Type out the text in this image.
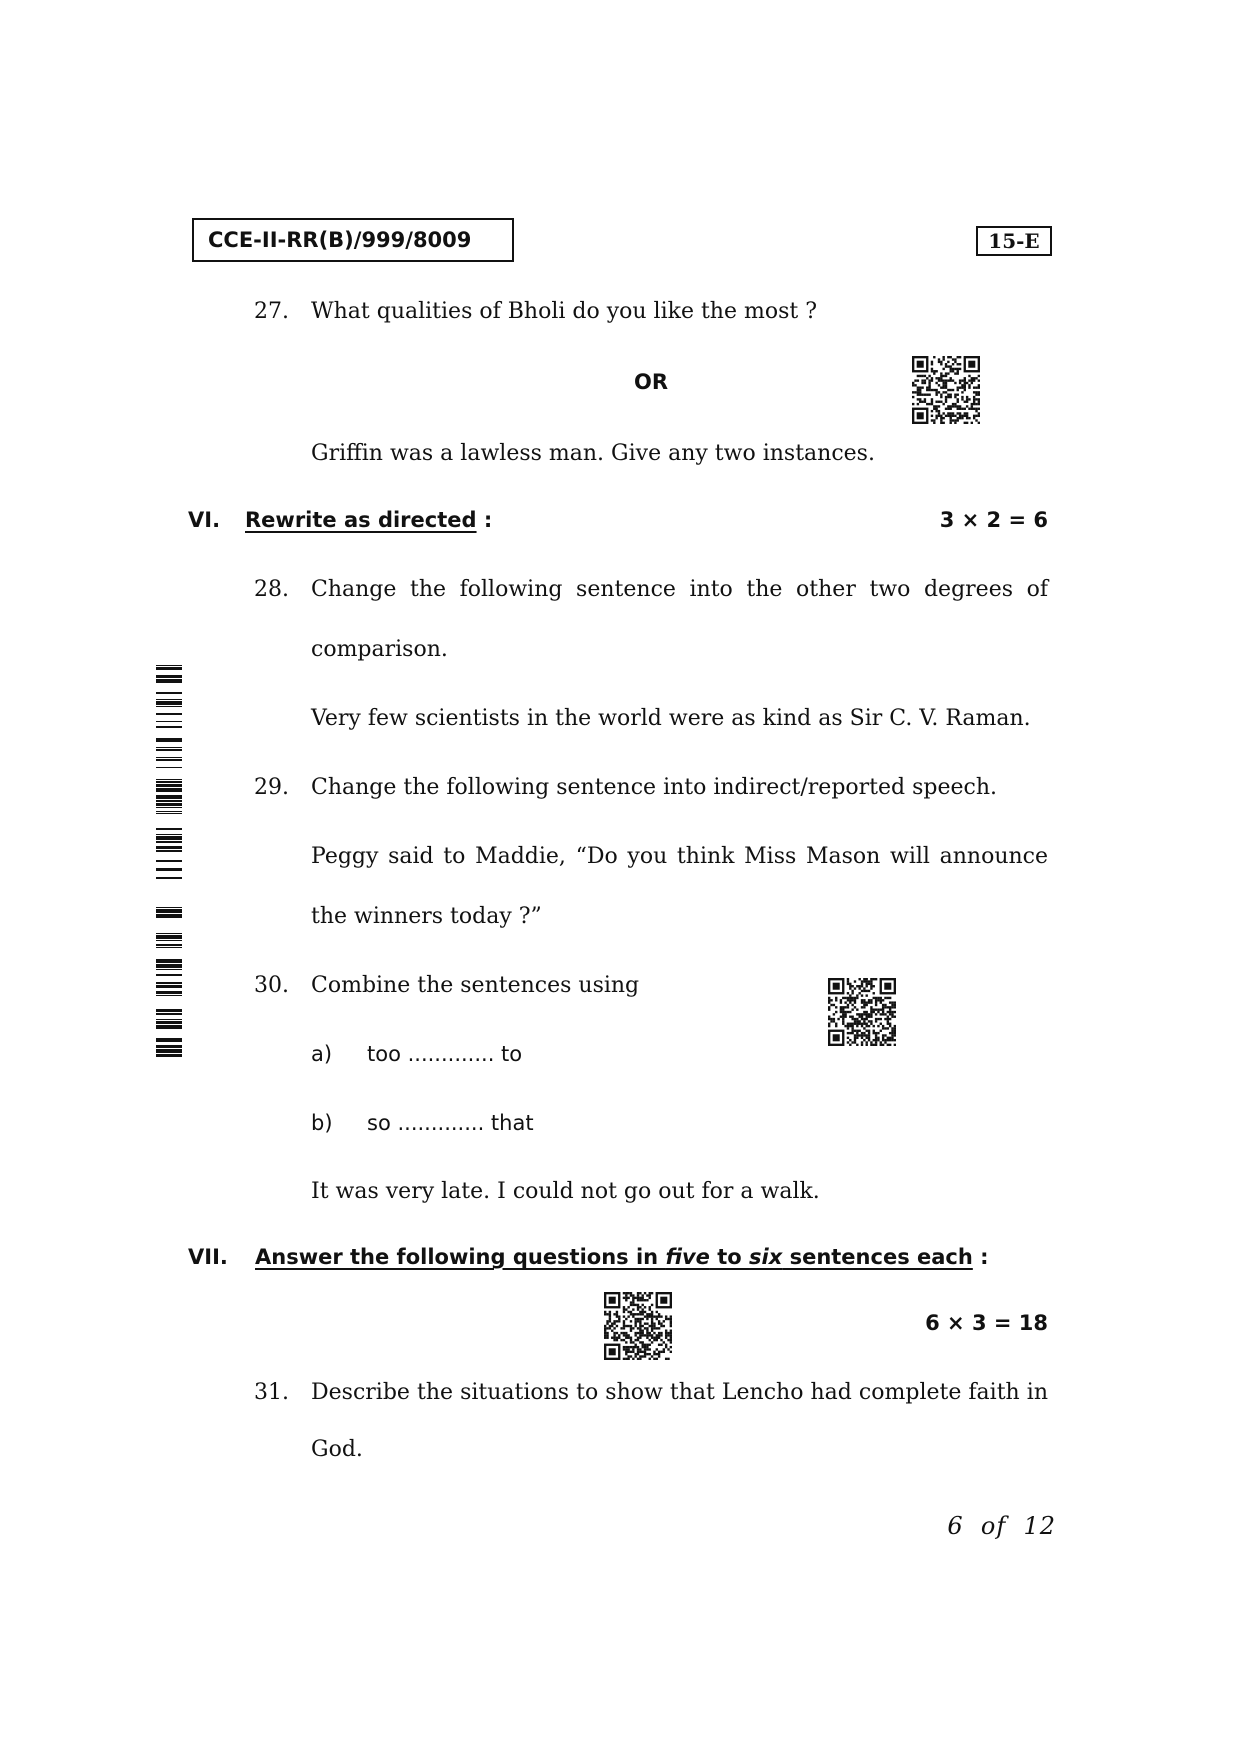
CCE-II-RR(B)/999/8009	15-E
27. What qualities of Bholi do you like the most ?
OR
Griffin was a lawless man. Give any two instances.
VI. Rewrite as directed :	3 × 2 = 6
28. Change the following sentence into the other two degrees of
comparison.
Very few scientists in the world were as kind as Sir C. V. Raman.
29. Change the following sentence into indirect/reported speech.
Peggy said to Maddie, “Do you think Miss Mason will announce
the winners today ?”
30. Combine the sentences using
a) too ............. to
b) so ............. that
It was very late. I could not go out for a walk.
VII. Answer the following questions in five to six sentences each :
6 × 3 = 18
31. Describe the situations to show that Lencho had complete faith in
God.
6  of  12
